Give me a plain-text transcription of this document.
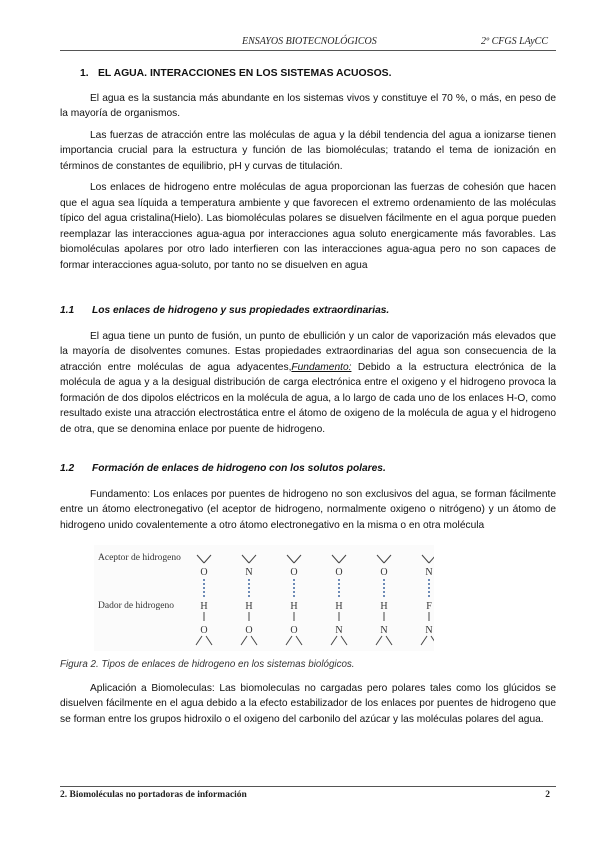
ENSAYOS BIOTECNOLÓGICOS	2º CFGS LAyCC
1. EL AGUA. INTERACCIONES EN LOS SISTEMAS ACUOSOS.

El agua es la sustancia más abundante en los sistemas vivos y constituye el 70 %, o más, en peso de la mayoría de organismos.

Las fuerzas de atracción entre las moléculas de agua y la débil tendencia del agua a ionizarse tienen importancia crucial para la estructura y función de las biomoléculas; tratando el tema de ionización en términos de constantes de equilibrio, pH y curvas de titulación.

Los enlaces de hidrogeno entre moléculas de agua proporcionan las fuerzas de cohesión que hacen que el agua sea líquida a temperatura ambiente y que favorecen el extremo ordenamiento de las moléculas típico del agua cristalina(Hielo). Las biomoléculas polares se disuelven fácilmente en el agua porque pueden reemplazar las interacciones agua-agua por interacciones agua soluto energicamente más favorables. Las biomoléculas apolares por otro lado interfieren con las interacciones agua-agua pero no son capaces de formar interacciones agua-soluto, por tanto no se disuelven en agua

1.1 Los enlaces de hidrogeno y sus propiedades extraordinarias.

El agua tiene un punto de fusión, un punto de ebullición y un calor de vaporización más elevados que la mayoría de disolventes comunes. Estas propiedades extraordinarias del agua son consecuencia de la atracción entre moléculas de agua adyacentes,Fundamento: Debido a la estructura electrónica de la molécula de agua y a la desigual distribución de carga electrónica entre el oxigeno y el hidrogeno provoca la formación de dos dipolos eléctricos en la molécula de agua, a lo largo de cada uno de los enlaces H-O, como resultado existe una atracción electrostática entre el átomo de oxigeno de la molécula de agua y el hidrogeno de otra, que se denomina enlace por puente de hidrogeno.

1.2 Formación de enlaces de hidrogeno con los solutos polares.

Fundamento: Los enlaces por puentes de hidrogeno no son exclusivos del agua, se forman fácilmente entre un átomo electronegativo (el aceptor de hidrogeno, normalmente oxigeno o nitrógeno) y un átomo de hidrogeno unido covalentemente a otro átomo electronegativo en la misma o en otra molécula

Aceptor de hidrogeno
Dador de hidrogeno
O
H
O
N
H
O
O
H
O
O
H
N
O
H
N
N
F
N
Figura 2. Tipos de enlaces de hidrogeno en los sistemas biológicos.

Aplicación a Biomoleculas: Las biomoleculas no cargadas pero polares tales como los glúcidos se disuelven fácilmente en el agua debido a la efecto estabilizador de los enlaces por puentes de hidrogeno que se forman entre los grupos hidroxilo o el oxigeno del carbonilo del azúcar y las moléculas polares del agua.

2. Biomoléculas no portadoras de información	2
